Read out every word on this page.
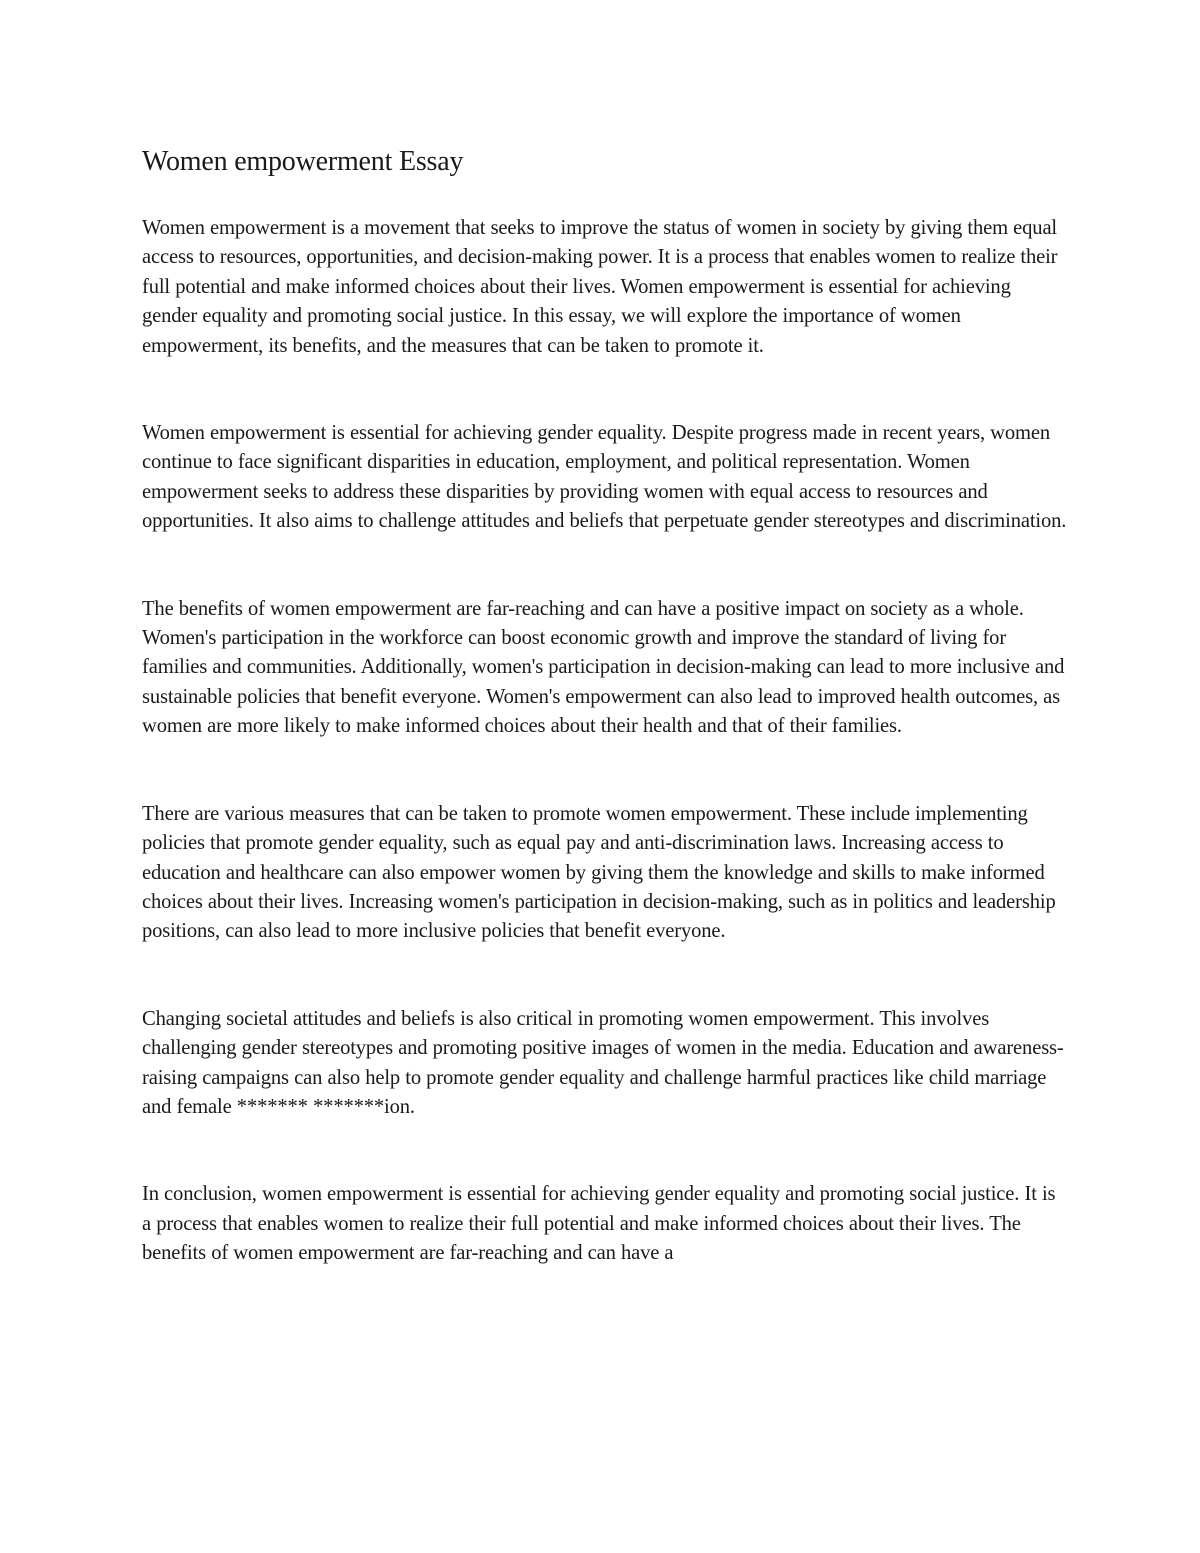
Women empowerment Essay

Women empowerment is a movement that seeks to improve the status of women in society by giving them equal access to resources, opportunities, and decision-making power. It is a process that enables women to realize their full potential and make informed choices about their lives. Women empowerment is essential for achieving gender equality and promoting social justice. In this essay, we will explore the importance of women empowerment, its benefits, and the measures that can be taken to promote it.

Women empowerment is essential for achieving gender equality. Despite progress made in recent years, women continue to face significant disparities in education, employment, and political representation. Women empowerment seeks to address these disparities by providing women with equal access to resources and opportunities. It also aims to challenge attitudes and beliefs that perpetuate gender stereotypes and discrimination.

The benefits of women empowerment are far-reaching and can have a positive impact on society as a whole. Women's participation in the workforce can boost economic growth and improve the standard of living for families and communities. Additionally, women's participation in decision-making can lead to more inclusive and sustainable policies that benefit everyone. Women's empowerment can also lead to improved health outcomes, as women are more likely to make informed choices about their health and that of their families.

There are various measures that can be taken to promote women empowerment. These include implementing policies that promote gender equality, such as equal pay and anti-discrimination laws. Increasing access to education and healthcare can also empower women by giving them the knowledge and skills to make informed choices about their lives. Increasing women's participation in decision-making, such as in politics and leadership positions, can also lead to more inclusive policies that benefit everyone.

Changing societal attitudes and beliefs is also critical in promoting women empowerment. This involves challenging gender stereotypes and promoting positive images of women in the media. Education and awareness-raising campaigns can also help to promote gender equality and challenge harmful practices like child marriage and female ******* *******ion.

In conclusion, women empowerment is essential for achieving gender equality and promoting social justice. It is a process that enables women to realize their full potential and make informed choices about their lives. The benefits of women empowerment are far-reaching and can have a
